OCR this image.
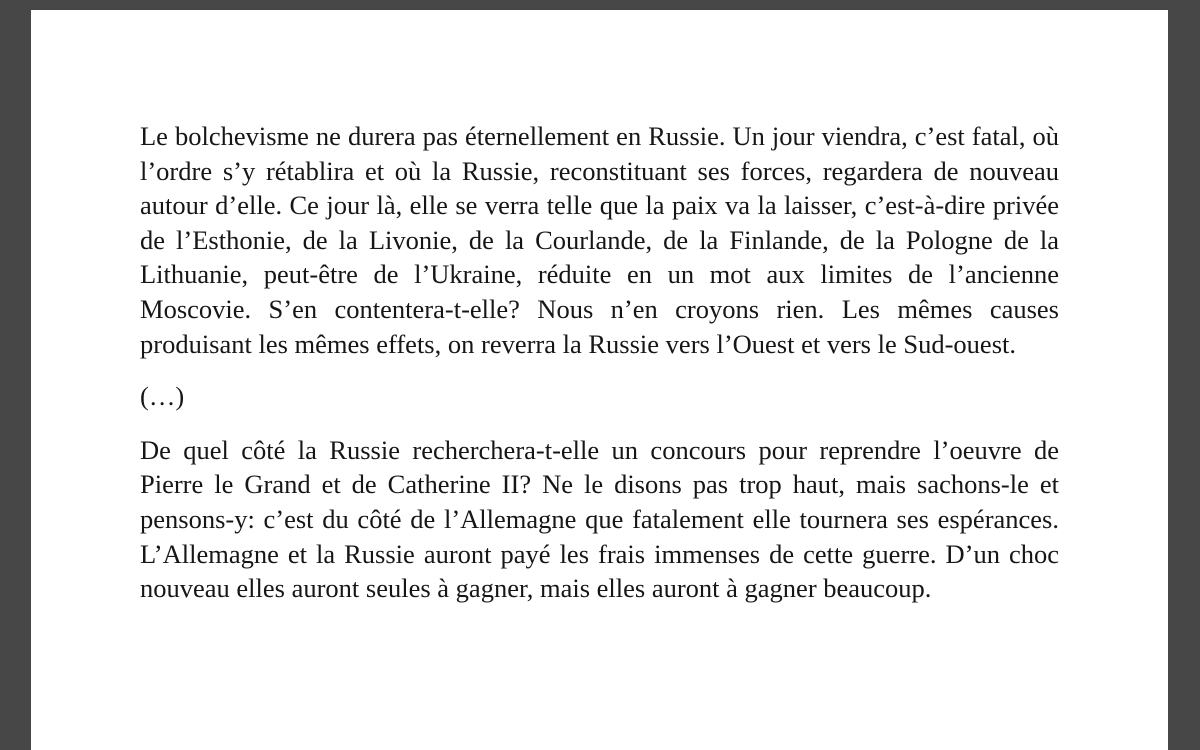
Le bolchevisme ne durera pas éternellement en Russie. Un jour viendra, c’est fatal, où l’ordre s’y rétablira et où la Russie, reconstituant ses forces, regardera de nouveau autour d’elle. Ce jour là, elle se verra telle que la paix va la laisser, c’est-à-dire privée de l’Esthonie, de la Livonie, de la Courlande, de la Finlande, de la Pologne de la Lithuanie, peut-être de l’Ukraine, réduite en un mot aux limites de l’ancienne Moscovie. S’en contentera-t-elle? Nous n’en croyons rien. Les mêmes causes produisant les mêmes effets, on reverra la Russie vers l’Ouest et vers le Sud-ouest.

(…)

De quel côté la Russie recherchera-t-elle un concours pour reprendre l’oeuvre de Pierre le Grand et de Catherine II? Ne le disons pas trop haut, mais sachons-le et pensons-y: c’est du côté de l’Allemagne que fatalement elle tournera ses espérances. L’Allemagne et la Russie auront payé les frais immenses de cette guerre. D’un choc nouveau elles auront seules à gagner, mais elles auront à gagner beaucoup.
